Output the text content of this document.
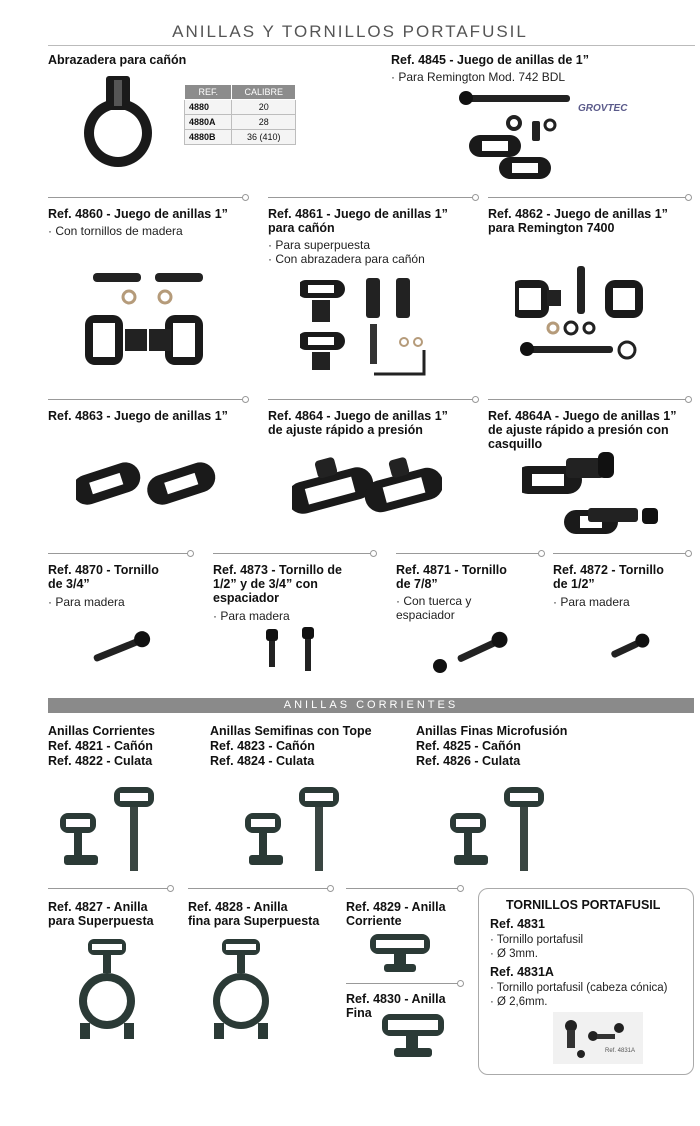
ANILLAS Y TORNILLOS PORTAFUSIL
Abrazadera para cañón
REF.	CALIBRE
4880	20
4880A	28
4880B	36 (410)
Ref. 4845 - Juego de anillas de 1”
· Para Remington Mod. 742 BDL
GROVTEC
Ref. 4860 - Juego de anillas 1”
· Con tornillos de madera
Ref. 4861 - Juego de anillas 1”
para cañón
· Para superpuesta
· Con abrazadera para cañón
Ref. 4862 - Juego de anillas 1”
para Remington 7400
Ref. 4863 - Juego de anillas 1”	Ref. 4864 - Juego de anillas 1”
de ajuste rápido a presión
Ref. 4864A - Juego de anillas 1”
de ajuste rápido a presión con
casquillo
Ref. 4870 - Tornillo
de 3/4”
· Para madera
Ref. 4873 - Tornillo de
1/2” y de 3/4” con
espaciador
· Para madera
Ref. 4871 - Tornillo
de 7/8”
· Con tuerca y
espaciador
Ref. 4872 - Tornillo
de 1/2”
· Para madera
ANILLAS CORRIENTES
Anillas Corrientes
Ref. 4821 - Cañón
Ref. 4822 - Culata
Anillas Semifinas con Tope
Ref. 4823 - Cañón
Ref. 4824 - Culata
Anillas Finas Microfusión
Ref. 4825 - Cañón
Ref. 4826 - Culata
Ref. 4827 - Anilla
para Superpuesta
Ref. 4828 - Anilla
fina para Superpuesta
Ref. 4829 - Anilla
Corriente
Ref. 4830 - Anilla
Fina
TORNILLOS PORTAFUSIL
Ref. 4831
· Tornillo portafusil
· Ø 3mm.
Ref. 4831A
· Tornillo portafusil (cabeza cónica)
· Ø 2,6mm.
Ref. 4831A
